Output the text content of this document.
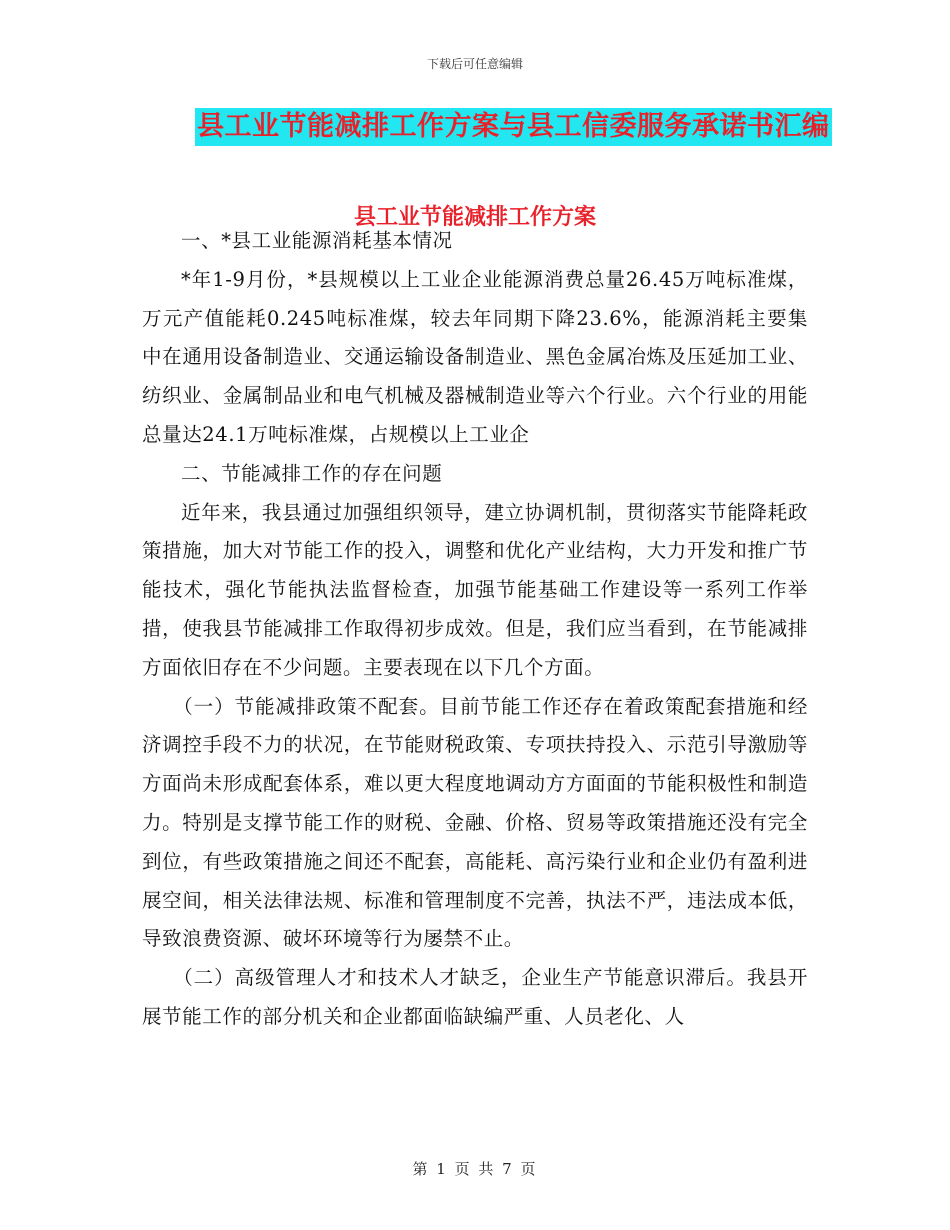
下载后可任意编辑
县工业节能减排工作方案与县工信委服务承诺书汇编
县工业节能减排工作方案

一、*县工业能源消耗基本情况

*年1-9月份，*县规模以上工业企业能源消费总量26.45万吨标准煤，万元产值能耗0.245吨标准煤，较去年同期下降23.6%，能源消耗主要集中在通用设备制造业、交通运输设备制造业、黑色金属冶炼及压延加工业、纺织业、金属制品业和电气机械及器械制造业等六个行业。六个行业的用能总量达24.1万吨标准煤，占规模以上工业企

二、节能减排工作的存在问题

近年来，我县通过加强组织领导，建立协调机制，贯彻落实节能降耗政策措施，加大对节能工作的投入，调整和优化产业结构，大力开发和推广节能技术，强化节能执法监督检查，加强节能基础工作建设等一系列工作举措，使我县节能减排工作取得初步成效。但是，我们应当看到，在节能减排方面依旧存在不少问题。主要表现在以下几个方面。

（一）节能减排政策不配套。目前节能工作还存在着政策配套措施和经济调控手段不力的状况，在节能财税政策、专项扶持投入、示范引导激励等方面尚未形成配套体系，难以更大程度地调动方方面面的节能积极性和制造力。特别是支撑节能工作的财税、金融、价格、贸易等政策措施还没有完全到位，有些政策措施之间还不配套，高能耗、高污染行业和企业仍有盈利进展空间，相关法律法规、标准和管理制度不完善，执法不严，违法成本低，导致浪费资源、破坏环境等行为屡禁不止。

（二）高级管理人才和技术人才缺乏，企业生产节能意识滞后。我县开展节能工作的部分机关和企业都面临缺编严重、人员老化、人

第 1 页 共 7 页
